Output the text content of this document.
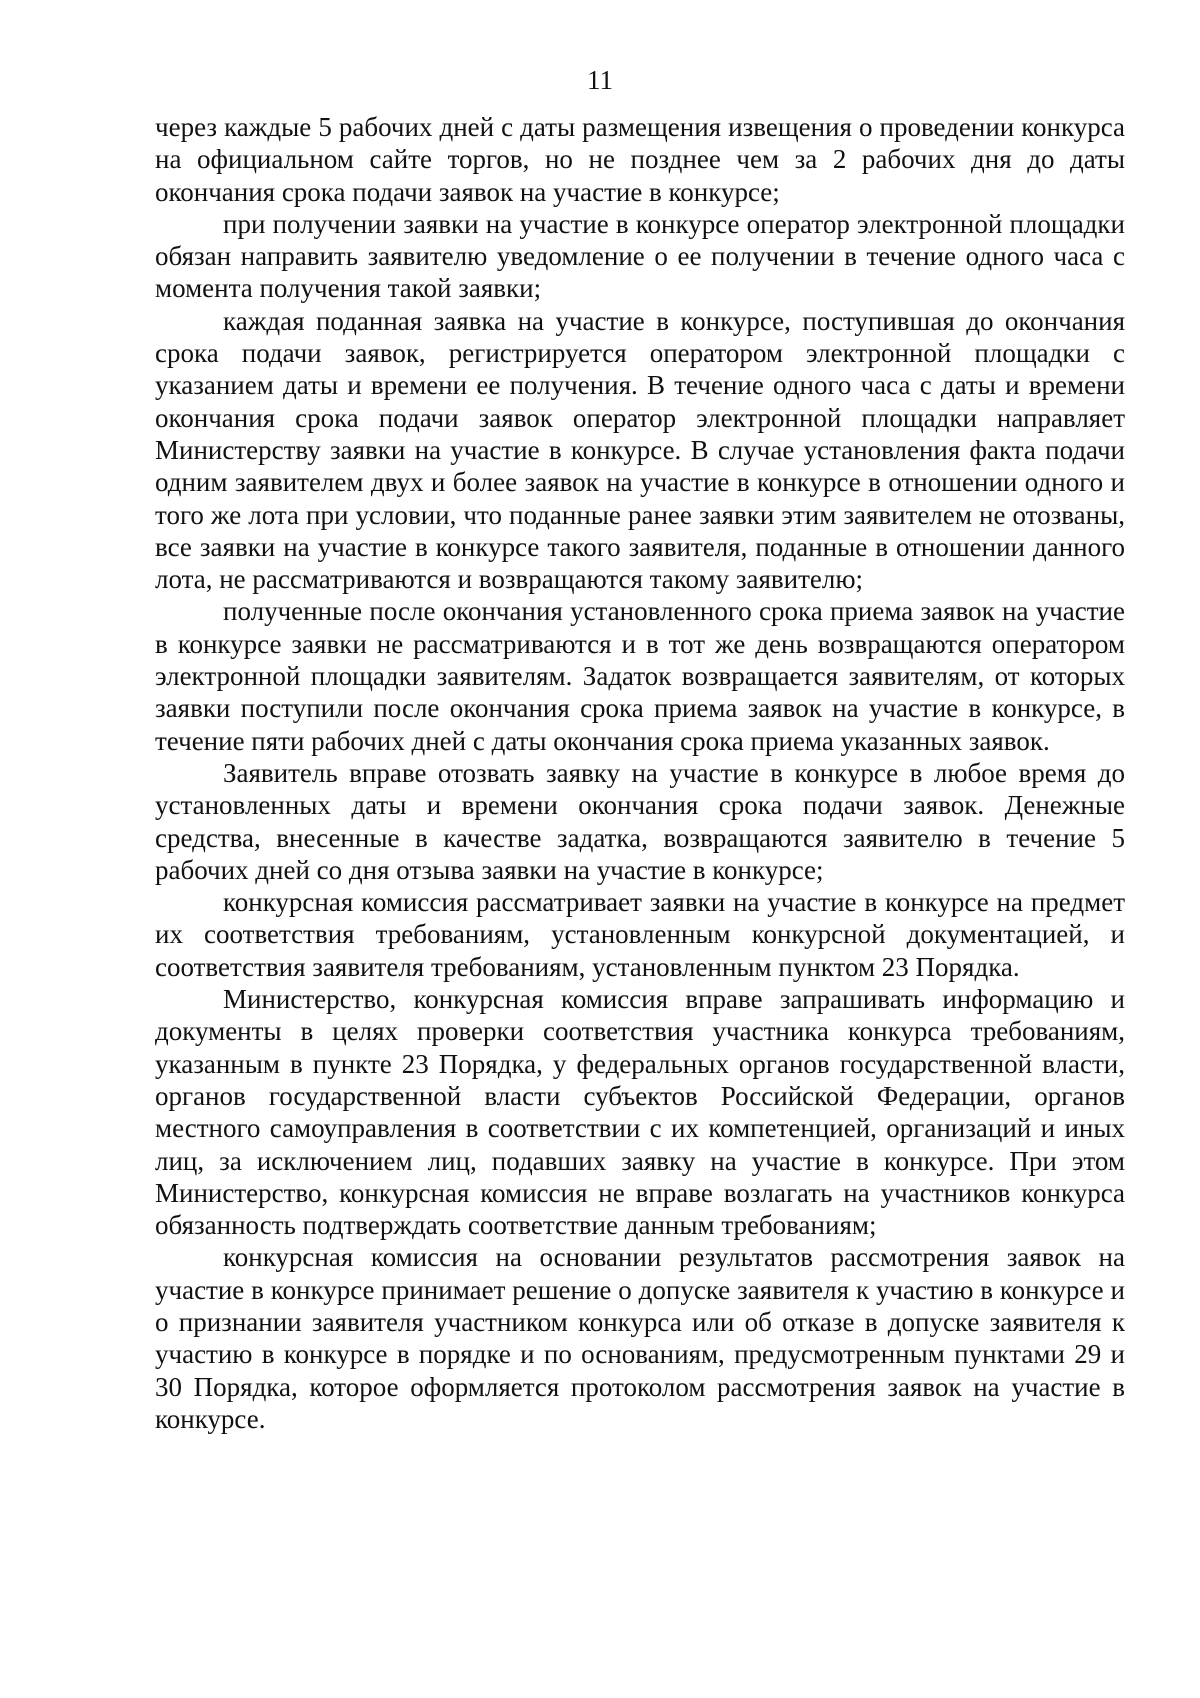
11

через каждые 5 рабочих дней с даты размещения извещения о проведении конкурса на официальном сайте торгов, но не позднее чем за 2 рабочих дня до даты окончания срока подачи заявок на участие в конкурсе;

при получении заявки на участие в конкурсе оператор электронной площадки обязан направить заявителю уведомление о ее получении в течение одного часа с момента получения такой заявки;

каждая поданная заявка на участие в конкурсе, поступившая до окончания срока подачи заявок, регистрируется оператором электронной площадки с указанием даты и времени ее получения. В течение одного часа с даты и времени окончания срока подачи заявок оператор электронной площадки направляет Министерству заявки на участие в конкурсе. В случае установления факта подачи одним заявителем двух и более заявок на участие в конкурсе в отношении одного и того же лота при условии, что поданные ранее заявки этим заявителем не отозваны, все заявки на участие в конкурсе такого заявителя, поданные в отношении данного лота, не рассматриваются и возвращаются такому заявителю;

полученные после окончания установленного срока приема заявок на участие в конкурсе заявки не рассматриваются и в тот же день возвращаются оператором электронной площадки заявителям. Задаток возвращается заявителям, от которых заявки поступили после окончания срока приема заявок на участие в конкурсе, в течение пяти рабочих дней с даты окончания срока приема указанных заявок.

Заявитель вправе отозвать заявку на участие в конкурсе в любое время до установленных даты и времени окончания срока подачи заявок. Денежные средства, внесенные в качестве задатка, возвращаются заявителю в течение 5 рабочих дней со дня отзыва заявки на участие в конкурсе;

конкурсная комиссия рассматривает заявки на участие в конкурсе на предмет их соответствия требованиям, установленным конкурсной документацией, и соответствия заявителя требованиям, установленным пунктом 23 Порядка.

Министерство, конкурсная комиссия вправе запрашивать информацию и документы в целях проверки соответствия участника конкурса требованиям, указанным в пункте 23 Порядка, у федеральных органов государственной власти, органов государственной власти субъектов Российской Федерации, органов местного самоуправления в соответствии с их компетенцией, организаций и иных лиц, за исключением лиц, подавших заявку на участие в конкурсе. При этом Министерство, конкурсная комиссия не вправе возлагать на участников конкурса обязанность подтверждать соответствие данным требованиям;

конкурсная комиссия на основании результатов рассмотрения заявок на участие в конкурсе принимает решение о допуске заявителя к участию в конкурсе и о признании заявителя участником конкурса или об отказе в допуске заявителя к участию в конкурсе в порядке и по основаниям, предусмотренным пунктами 29 и 30 Порядка, которое оформляется протоколом рассмотрения заявок на участие в конкурсе.
